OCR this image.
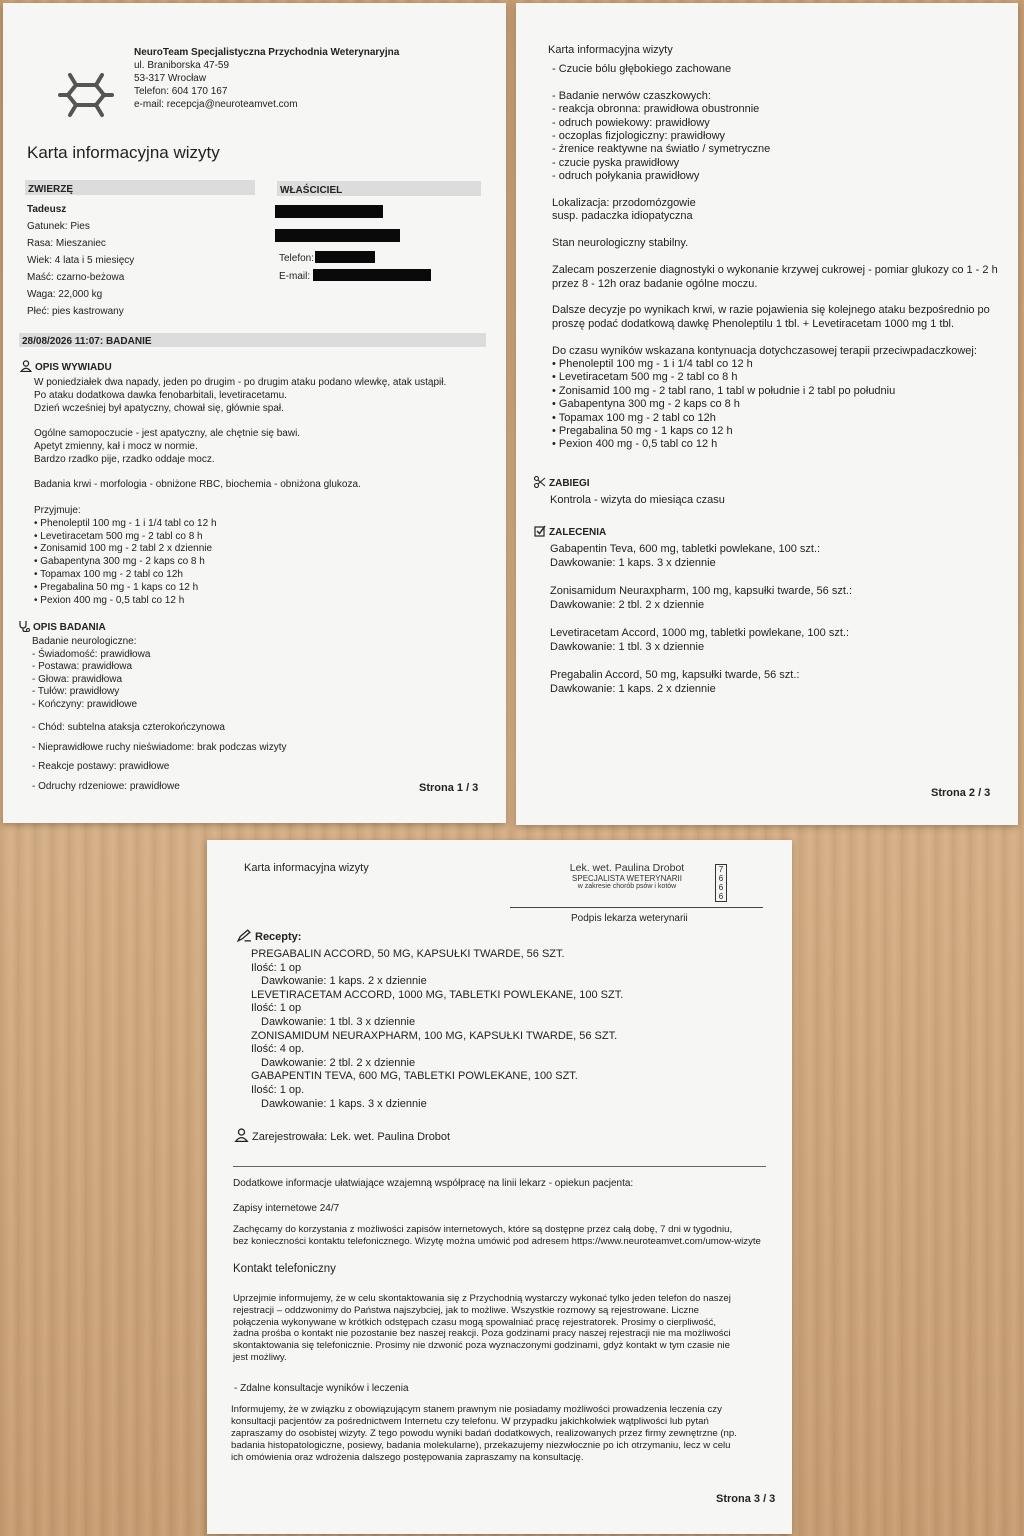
NeuroTeam Specjalistyczna Przychodnia Weterynaryjna
ul. Braniborska 47-59
53-317 Wrocław
Telefon: 604 170 167
e-mail: recepcja@neuroteamvet.com
Karta informacyjna wizyty
ZWIERZĘ	WŁAŚCICIEL
Tadeusz
Gatunek: Pies
Rasa: Mieszaniec
Wiek: 4 lata i 5 miesięcy
Maść: czarno-beżowa
Waga: 22,000 kg
Płeć: pies kastrowany
Telefon:
E-mail:
28/08/2026 11:07: BADANIE
OPIS WYWIADU
W poniedziałek dwa napady, jeden po drugim - po drugim ataku podano wlewkę, atak ustąpił.
Po ataku dodatkowa dawka fenobarbitali, levetiracetamu.
Dzień wcześniej był apatyczny, chował się, głównie spał.

Ogólne samopoczucie - jest apatyczny, ale chętnie się bawi.
Apetyt zmienny, kał i mocz w normie.
Bardzo rzadko pije, rzadko oddaje mocz.

Badania krwi - morfologia - obniżone RBC, biochemia - obniżona glukoza.

Przyjmuje:
• Phenoleptil 100 mg - 1 i 1/4 tabl co 12 h
• Levetiracetam 500 mg - 2 tabl co 8 h
• Zonisamid 100 mg - 2 tabl 2 x dziennie
• Gabapentyna 300 mg - 2 kaps co 8 h
• Topamax 100 mg - 2 tabl co 12h
• Pregabalina 50 mg - 1 kaps co 12 h
• Pexion 400 mg - 0,5 tabl co 12 h
OPIS BADANIA
Badanie neurologiczne:
- Świadomość: prawidłowa
- Postawa: prawidłowa
- Głowa: prawidłowa
- Tułów: prawidłowy
- Kończyny: prawidłowe
- Chód: subtelna ataksja czterokończynowa
- Nieprawidłowe ruchy nieświadome: brak podczas wizyty
- Reakcje postawy: prawidłowe
- Odruchy rdzeniowe: prawidłowe	Strona 1 / 3
Karta informacyjna wizyty
- Czucie bólu głębokiego zachowane

- Badanie nerwów czaszkowych:
- reakcja obronna: prawidłowa obustronnie
- odruch powiekowy: prawidłowy
- oczoplas fizjologiczny: prawidłowy
- źrenice reaktywne na światło / symetryczne
- czucie pyska prawidłowy
- odruch połykania prawidłowy

Lokalizacja: przodomózgowie
susp. padaczka idiopatyczna

Stan neurologiczny stabilny.

Zalecam poszerzenie diagnostyki o wykonanie krzywej cukrowej - pomiar glukozy co 1 - 2 h
przez 8 - 12h oraz badanie ogólne moczu.

Dalsze decyzje po wynikach krwi, w razie pojawienia się kolejnego ataku bezpośrednio po
proszę podać dodatkową dawkę Phenoleptilu 1 tbl. + Levetiracetam 1000 mg 1 tbl.

Do czasu wyników wskazana kontynuacja dotychczasowej terapii przeciwpadaczkowej:
• Phenoleptil 100 mg - 1 i 1/4 tabl co 12 h
• Levetiracetam 500 mg - 2 tabl co 8 h
• Zonisamid 100 mg - 2 tabl rano, 1 tabl w południe i 2 tabl po południu
• Gabapentyna 300 mg - 2 kaps co 8 h
• Topamax 100 mg - 2 tabl co 12h
• Pregabalina 50 mg - 1 kaps co 12 h
• Pexion 400 mg - 0,5 tabl co 12 h
ZABIEGI
Kontrola - wizyta do miesiąca czasu
ZALECENIA
Gabapentin Teva, 600 mg, tabletki powlekane, 100 szt.:
Dawkowanie: 1 kaps. 3 x dziennie
Zonisamidum Neuraxpharm, 100 mg, kapsułki twarde, 56 szt.:
Dawkowanie: 2 tbl. 2 x dziennie
Levetiracetam Accord, 1000 mg, tabletki powlekane, 100 szt.:
Dawkowanie: 1 tbl. 3 x dziennie
Pregabalin Accord, 50 mg, kapsułki twarde, 56 szt.:
Dawkowanie: 1 kaps. 2 x dziennie
Strona 2 / 3
Karta informacyjna wizyty	Lek. wet. Paulina Drobot
SPECJALISTA WETERYNARII
w zakresie chorób psów i kotów
7
6
6
6
Podpis lekarza weterynarii
Recepty:
PREGABALIN ACCORD, 50 MG, KAPSUŁKI TWARDE, 56 SZT.
Ilość: 1 op
Dawkowanie: 1 kaps. 2 x dziennie
LEVETIRACETAM ACCORD, 1000 MG, TABLETKI POWLEKANE, 100 SZT.
Ilość: 1 op
Dawkowanie: 1 tbl. 3 x dziennie
ZONISAMIDUM NEURAXPHARM, 100 MG, KAPSUŁKI TWARDE, 56 SZT.
Ilość: 4 op.
Dawkowanie: 2 tbl. 2 x dziennie
GABAPENTIN TEVA, 600 MG, TABLETKI POWLEKANE, 100 SZT.
Ilość: 1 op.
Dawkowanie: 1 kaps. 3 x dziennie
Zarejestrowała: Lek. wet. Paulina Drobot
Dodatkowe informacje ułatwiające wzajemną współpracę na linii lekarz - opiekun pacjenta:
Zapisy internetowe 24/7
Zachęcamy do korzystania z możliwości zapisów internetowych, które są dostępne przez całą dobę, 7 dni w tygodniu,
bez konieczności kontaktu telefonicznego. Wizytę można umówić pod adresem https://www.neuroteamvet.com/umow-wizyte
Kontakt telefoniczny
Uprzejmie informujemy, że w celu skontaktowania się z Przychodnią wystarczy wykonać tylko jeden telefon do naszej
rejestracji – oddzwonimy do Państwa najszybciej, jak to możliwe. Wszystkie rozmowy są rejestrowane. Liczne
połączenia wykonywane w krótkich odstępach czasu mogą spowalniać pracę rejestratorek. Prosimy o cierpliwość,
żadna prośba o kontakt nie pozostanie bez naszej reakcji. Poza godzinami pracy naszej rejestracji nie ma możliwości
skontaktowania się telefonicznie. Prosimy nie dzwonić poza wyznaczonymi godzinami, gdyż kontakt w tym czasie nie
jest możliwy.
- Zdalne konsultacje wyników i leczenia
Informujemy, że w związku z obowiązującym stanem prawnym nie posiadamy możliwości prowadzenia leczenia czy
konsultacji pacjentów za pośrednictwem Internetu czy telefonu. W przypadku jakichkolwiek wątpliwości lub pytań
zapraszamy do osobistej wizyty. Z tego powodu wyniki badań dodatkowych, realizowanych przez firmy zewnętrzne (np.
badania histopatologiczne, posiewy, badania molekularne), przekazujemy niezwłocznie po ich otrzymaniu, lecz w celu
ich omówienia oraz wdrożenia dalszego postępowania zapraszamy na konsultację.
Strona 3 / 3
